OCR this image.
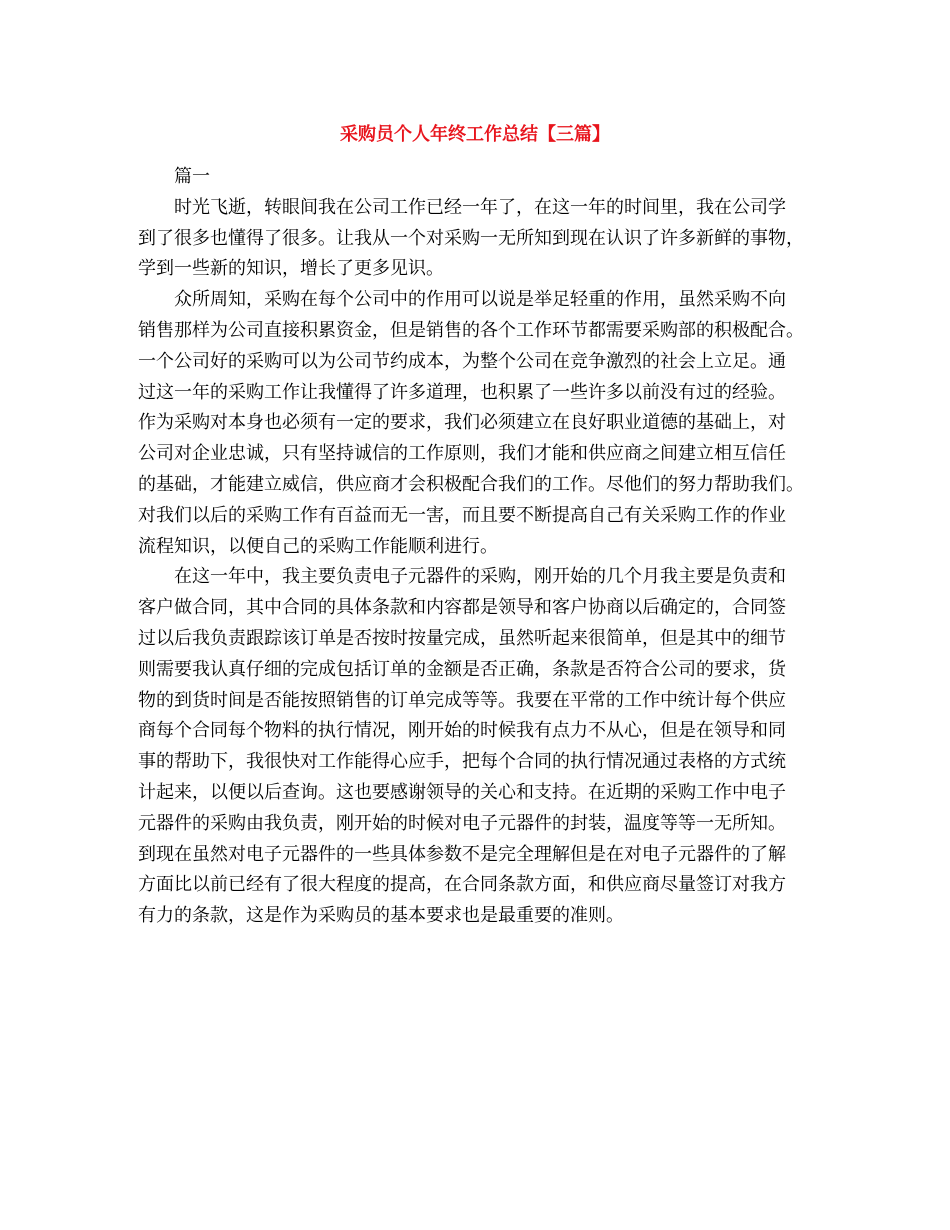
采购员个人年终工作总结【三篇】
篇一
时光飞逝，转眼间我在公司工作已经一年了，在这一年的时间里，我在公司学
到了很多也懂得了很多。让我从一个对采购一无所知到现在认识了许多新鲜的事物，
学到一些新的知识，增长了更多见识。
众所周知，采购在每个公司中的作用可以说是举足轻重的作用，虽然采购不向
销售那样为公司直接积累资金，但是销售的各个工作环节都需要采购部的积极配合。
一个公司好的采购可以为公司节约成本，为整个公司在竞争激烈的社会上立足。通
过这一年的采购工作让我懂得了许多道理，也积累了一些许多以前没有过的经验。
作为采购对本身也必须有一定的要求，我们必须建立在良好职业道德的基础上，对
公司对企业忠诚，只有坚持诚信的工作原则，我们才能和供应商之间建立相互信任
的基础，才能建立威信，供应商才会积极配合我们的工作。尽他们的努力帮助我们。
对我们以后的采购工作有百益而无一害，而且要不断提高自己有关采购工作的作业
流程知识，以便自己的采购工作能顺利进行。
在这一年中，我主要负责电子元器件的采购，刚开始的几个月我主要是负责和
客户做合同，其中合同的具体条款和内容都是领导和客户协商以后确定的，合同签
过以后我负责跟踪该订单是否按时按量完成，虽然听起来很简单，但是其中的细节
则需要我认真仔细的完成包括订单的金额是否正确，条款是否符合公司的要求，货
物的到货时间是否能按照销售的订单完成等等。我要在平常的工作中统计每个供应
商每个合同每个物料的执行情况，刚开始的时候我有点力不从心，但是在领导和同
事的帮助下，我很快对工作能得心应手，把每个合同的执行情况通过表格的方式统
计起来，以便以后查询。这也要感谢领导的关心和支持。在近期的采购工作中电子
元器件的采购由我负责，刚开始的时候对电子元器件的封装，温度等等一无所知。
到现在虽然对电子元器件的一些具体参数不是完全理解但是在对电子元器件的了解
方面比以前已经有了很大程度的提高，在合同条款方面，和供应商尽量签订对我方
有力的条款，这是作为采购员的基本要求也是最重要的准则。
